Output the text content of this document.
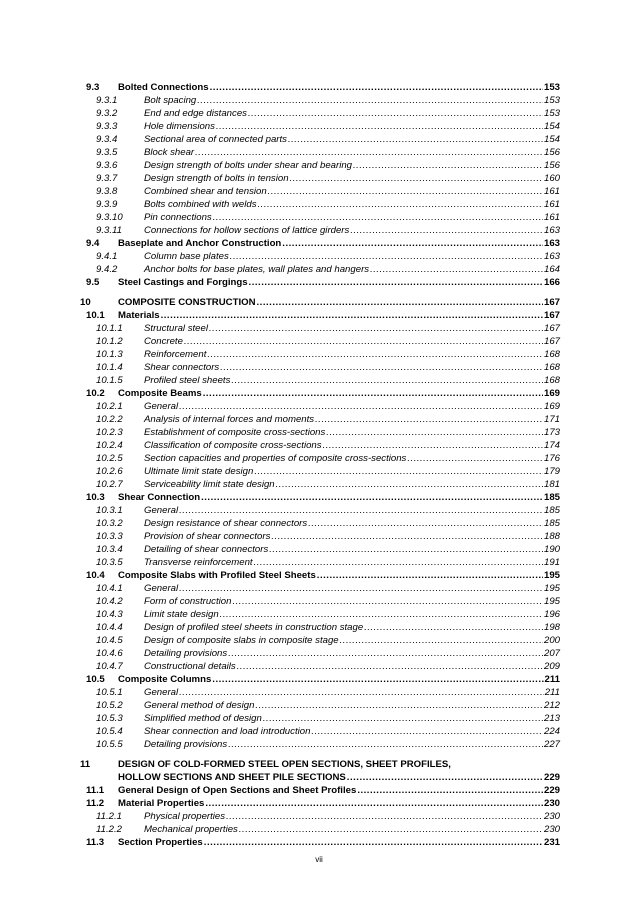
9.3	Bolted Connections .....	153
9.3.1	Bolt spacing .....	153
9.3.2	End and edge distances .....	153
9.3.3	Hole dimensions .....	154
9.3.4	Sectional area of connected parts .....	154
9.3.5	Block shear .....	156
9.3.6	Design strength of bolts under shear and bearing .....	156
9.3.7	Design strength of bolts in tension .....	160
9.3.8	Combined shear and tension .....	161
9.3.9	Bolts combined with welds .....	161
9.3.10	Pin connections .....	161
9.3.11	Connections for hollow sections of lattice girders .....	163
9.4	Baseplate and Anchor Construction .....	163
9.4.1	Column base plates .....	163
9.4.2	Anchor bolts for base plates, wall plates and hangers .....	164
9.5	Steel Castings and Forgings .....	166
10	COMPOSITE CONSTRUCTION .....	167
10.1	Materials .....	167
10.1.1	Structural steel .....	167
10.1.2	Concrete .....	167
10.1.3	Reinforcement .....	168
10.1.4	Shear connectors .....	168
10.1.5	Profiled steel sheets .....	168
10.2	Composite Beams .....	169
10.2.1	General .....	169
10.2.2	Analysis of internal forces and moments .....	171
10.2.3	Establishment of composite cross-sections .....	173
10.2.4	Classification of composite cross-sections .....	174
10.2.5	Section capacities and properties of composite cross-sections .....	176
10.2.6	Ultimate limit state design .....	179
10.2.7	Serviceability limit state design .....	181
10.3	Shear Connection .....	185
10.3.1	General .....	185
10.3.2	Design resistance of shear connectors .....	185
10.3.3	Provision of shear connectors .....	188
10.3.4	Detailing of shear connectors .....	190
10.3.5	Transverse reinforcement .....	191
10.4	Composite Slabs with Profiled Steel Sheets .....	195
10.4.1	General .....	195
10.4.2	Form of construction .....	195
10.4.3	Limit state design .....	196
10.4.4	Design of profiled steel sheets in construction stage .....	198
10.4.5	Design of composite slabs in composite stage .....	200
10.4.6	Detailing provisions .....	207
10.4.7	Constructional details .....	209
10.5	Composite Columns .....	211
10.5.1	General .....	211
10.5.2	General method of design .....	212
10.5.3	Simplified method of design .....	213
10.5.4	Shear connection and load introduction .....	224
10.5.5	Detailing provisions .....	227
11	DESIGN OF COLD-FORMED STEEL OPEN SECTIONS, SHEET PROFILES,
HOLLOW SECTIONS AND SHEET PILE SECTIONS .....	229
11.1	General Design of Open Sections and Sheet Profiles .....	229
11.2	Material Properties .....	230
11.2.1	Physical properties .....	230
11.2.2	Mechanical properties .....	230
11.3	Section Properties .....	231
vii
